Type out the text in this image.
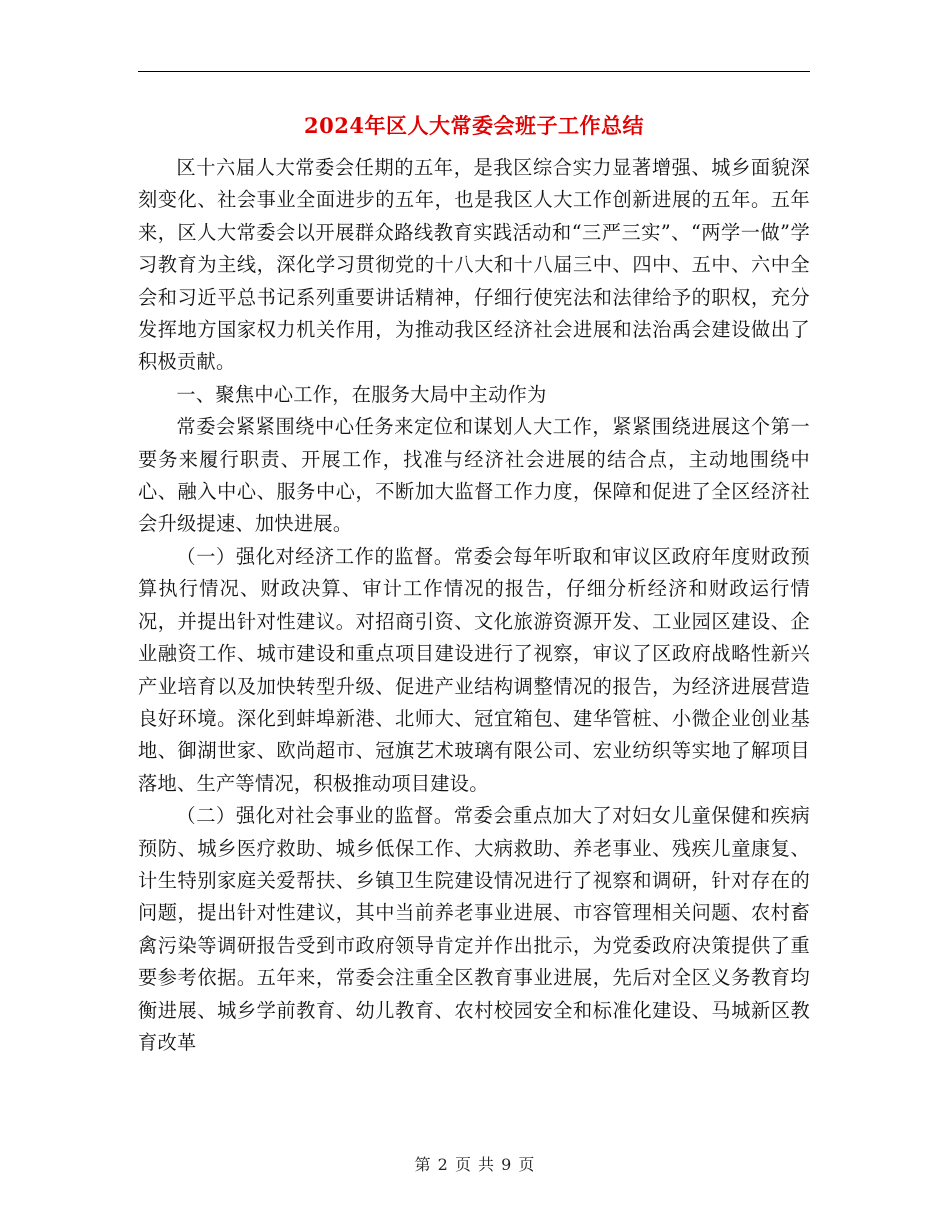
2024年区人大常委会班子工作总结

区十六届人大常委会任期的五年，是我区综合实力显著增强、城乡面貌深刻变化、社会事业全面进步的五年，也是我区人大工作创新进展的五年。五年来，区人大常委会以开展群众路线教育实践活动和“三严三实”、“两学一做”学习教育为主线，深化学习贯彻党的十八大和十八届三中、四中、五中、六中全会和习近平总书记系列重要讲话精神，仔细行使宪法和法律给予的职权，充分发挥地方国家权力机关作用，为推动我区经济社会进展和法治禹会建设做出了积极贡献。

一、聚焦中心工作，在服务大局中主动作为

常委会紧紧围绕中心任务来定位和谋划人大工作，紧紧围绕进展这个第一要务来履行职责、开展工作，找准与经济社会进展的结合点，主动地围绕中心、融入中心、服务中心，不断加大监督工作力度，保障和促进了全区经济社会升级提速、加快进展。

（一）强化对经济工作的监督。常委会每年听取和审议区政府年度财政预算执行情况、财政决算、审计工作情况的报告，仔细分析经济和财政运行情况，并提出针对性建议。对招商引资、文化旅游资源开发、工业园区建设、企业融资工作、城市建设和重点项目建设进行了视察，审议了区政府战略性新兴产业培育以及加快转型升级、促进产业结构调整情况的报告，为经济进展营造良好环境。深化到蚌埠新港、北师大、冠宜箱包、建华管桩、小微企业创业基地、御湖世家、欧尚超市、冠旗艺术玻璃有限公司、宏业纺织等实地了解项目落地、生产等情况，积极推动项目建设。

（二）强化对社会事业的监督。常委会重点加大了对妇女儿童保健和疾病预防、城乡医疗救助、城乡低保工作、大病救助、养老事业、残疾儿童康复、计生特别家庭关爱帮扶、乡镇卫生院建设情况进行了视察和调研，针对存在的问题，提出针对性建议，其中当前养老事业进展、市容管理相关问题、农村畜禽污染等调研报告受到市政府领导肯定并作出批示，为党委政府决策提供了重要参考依据。五年来，常委会注重全区教育事业进展，先后对全区义务教育均衡进展、城乡学前教育、幼儿教育、农村校园安全和标准化建设、马城新区教育改革

第 2 页 共 9 页
